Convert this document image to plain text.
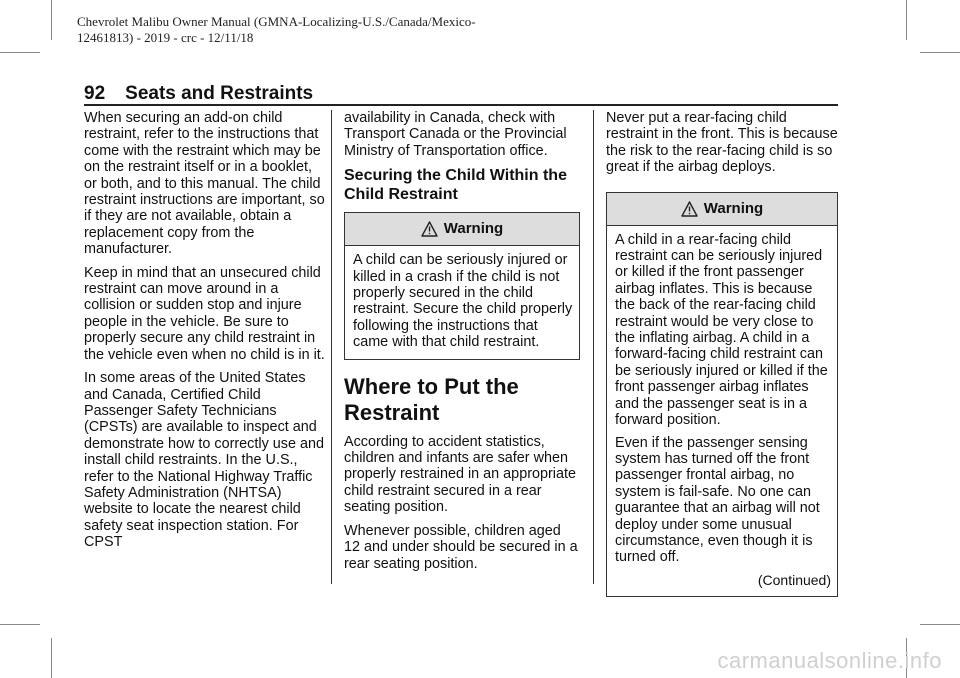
Chevrolet Malibu Owner Manual (GMNA-Localizing-U.S./Canada/Mexico-
12461813) - 2019 - crc - 12/11/18
92 Seats and Restraints

When securing an add-on child restraint, refer to the instructions that come with the restraint which may be on the restraint itself or in a booklet, or both, and to this manual. The child restraint instructions are important, so if they are not available, obtain a replacement copy from the manufacturer.

Keep in mind that an unsecured child restraint can move around in a collision or sudden stop and injure people in the vehicle. Be sure to properly secure any child restraint in the vehicle even when no child is in it.

In some areas of the United States and Canada, Certified Child Passenger Safety Technicians (CPSTs) are available to inspect and demonstrate how to correctly use and install child restraints. In the U.S., refer to the National Highway Traffic Safety Administration (NHTSA) website to locate the nearest child safety seat inspection station. For CPST

availability in Canada, check with Transport Canada or the Provincial Ministry of Transportation office.

Securing the Child Within the Child Restraint
Warning

A child can be seriously injured or killed in a crash if the child is not properly secured in the child restraint. Secure the child properly following the instructions that came with that child restraint.

Where to Put the Restraint

According to accident statistics, children and infants are safer when properly restrained in an appropriate child restraint secured in a rear seating position.

Whenever possible, children aged 12 and under should be secured in a rear seating position.

Never put a rear-facing child restraint in the front. This is because the risk to the rear-facing child is so great if the airbag deploys.

Warning

A child in a rear-facing child restraint can be seriously injured or killed if the front passenger airbag inflates. This is because the back of the rear-facing child restraint would be very close to the inflating airbag. A child in a forward-facing child restraint can be seriously injured or killed if the front passenger airbag inflates and the passenger seat is in a forward position.

Even if the passenger sensing system has turned off the front passenger frontal airbag, no system is fail-safe. No one can guarantee that an airbag will not deploy under some unusual circumstance, even though it is turned off.

(Continued)

carmanualsonline.info
